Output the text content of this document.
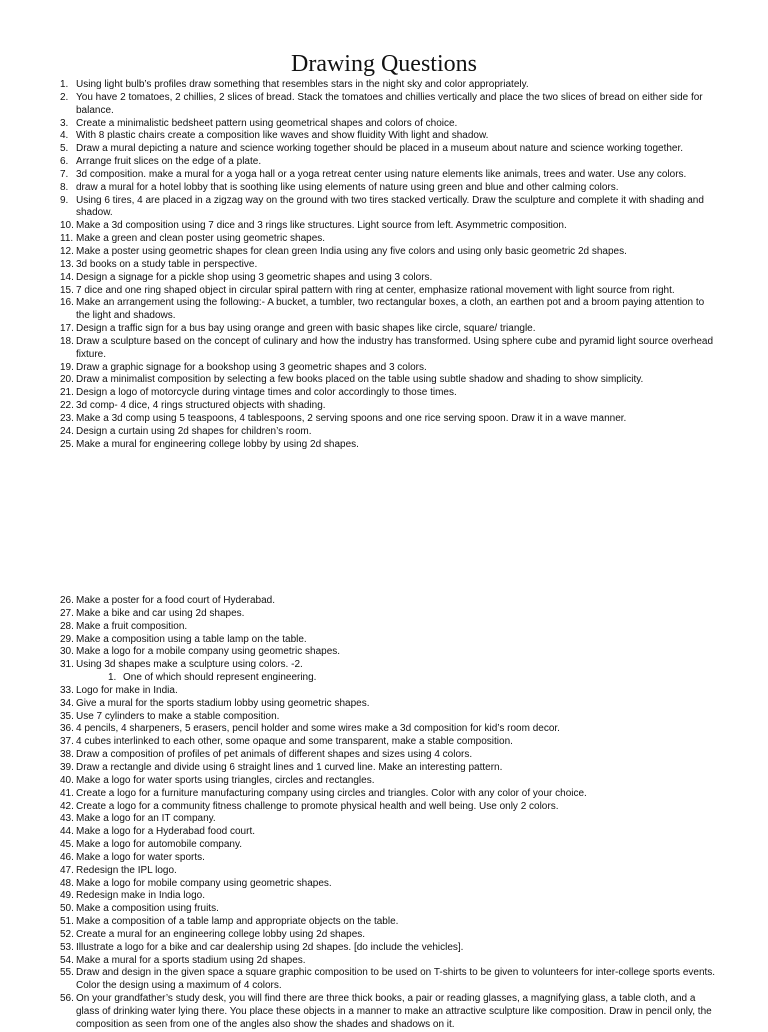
Drawing Questions
1. Using light bulb’s profiles draw something that resembles stars in the night sky and color appropriately.
2. You have 2 tomatoes, 2 chillies, 2 slices of bread. Stack the tomatoes and chillies vertically and place the two slices of bread on either side for balance.
3. Create a minimalistic bedsheet pattern using geometrical shapes and colors of choice.
4. With 8 plastic chairs create a composition like waves and show fluidity With light and shadow.
5. Draw a mural depicting a nature and science working together should be placed in a museum about nature and science working together.
6. Arrange fruit slices on the edge of a plate.
7. 3d composition. make a mural for a yoga hall or a yoga retreat center using nature elements like animals, trees and water. Use any colors.
8. draw a mural for a hotel lobby that is soothing like using elements of nature using green and blue and other calming colors.
9. Using 6 tires, 4 are placed in a zigzag way on the ground with two tires stacked vertically. Draw the sculpture and complete it with shading and shadow.
10. Make a 3d composition using 7 dice and 3 rings like structures. Light source from left. Asymmetric composition.
11. Make a green and clean poster using geometric shapes.
12. Make a poster using geometric shapes for clean green India using any five colors and using only basic geometric 2d shapes.
13. 3d books on a study table in perspective.
14. Design a signage for a pickle shop using 3 geometric shapes and using 3 colors.
15. 7 dice and one ring shaped object in circular spiral pattern with ring at center, emphasize rational movement with light source from right.
16. Make an arrangement using the following:- A bucket, a tumbler, two rectangular boxes, a cloth, an earthen pot and a broom paying attention to the light and shadows.
17. Design a traffic sign for a bus bay using orange and green with basic shapes like circle, square/ triangle.
18. Draw a sculpture based on the concept of culinary and how the industry has transformed. Using sphere cube and pyramid light source overhead fixture.
19. Draw a graphic signage for a bookshop using 3 geometric shapes and 3 colors.
20. Draw a minimalist composition by selecting a few books placed on the table using subtle shadow and shading to show simplicity.
21. Design a logo of motorcycle during vintage times and color accordingly to those times.
22. 3d comp- 4 dice, 4 rings structured objects with shading.
23. Make a 3d comp using 5 teaspoons, 4 tablespoons, 2 serving spoons and one rice serving spoon. Draw it in a wave manner.
24. Design a curtain using 2d shapes for children’s room.
25. Make a mural for engineering college lobby by using 2d shapes.
26. Make a poster for a food court of Hyderabad.
27. Make a bike and car using 2d shapes.
28. Make a fruit composition.
29. Make a composition using a table lamp on the table.
30. Make a logo for a mobile company using geometric shapes.
31. Using 3d shapes make a sculpture using colors. -2.
1. One of which should represent engineering.
33. Logo for make in India.
34. Give a mural for the sports stadium lobby using geometric shapes.
35. Use 7 cylinders to make a stable composition.
36. 4 pencils, 4 sharpeners, 5 erasers, pencil holder and some wires make a 3d composition for kid’s room decor.
37. 4 cubes interlinked to each other, some opaque and some transparent, make a stable composition.
38. Draw a composition of profiles of pet animals of different shapes and sizes using 4 colors.
39. Draw a rectangle and divide using 6 straight lines and 1 curved line. Make an interesting pattern.
40. Make a logo for water sports using triangles, circles and rectangles.
41. Create a logo for a furniture manufacturing company using circles and triangles. Color with any color of your choice.
42. Create a logo for a community fitness challenge to promote physical health and well being. Use only 2 colors.
43. Make a logo for an IT company.
44. Make a logo for a Hyderabad food court.
45. Make a logo for automobile company.
46. Make a logo for water sports.
47. Redesign the IPL logo.
48. Make a logo for mobile company using geometric shapes.
49. Redesign make in India logo.
50. Make a composition using fruits.
51. Make a composition of a table lamp and appropriate objects on the table.
52. Create a mural for an engineering college lobby using 2d shapes.
53. Illustrate a logo for a bike and car dealership using 2d shapes. [do include the vehicles].
54. Make a mural for a sports stadium using 2d shapes.
55. Draw and design in the given space a square graphic composition to be used on T-shirts to be given to volunteers for inter-college sports events. Color the design using a maximum of 4 colors.
56. On your grandfather’s study desk, you will find there are three thick books, a pair or reading glasses, a magnifying glass, a table cloth, and a glass of drinking water lying there. You place these objects in a manner to make an attractive sculpture like composition. Draw in pencil only, the composition as seen from one of the angles also show the shades and shadows on it.
